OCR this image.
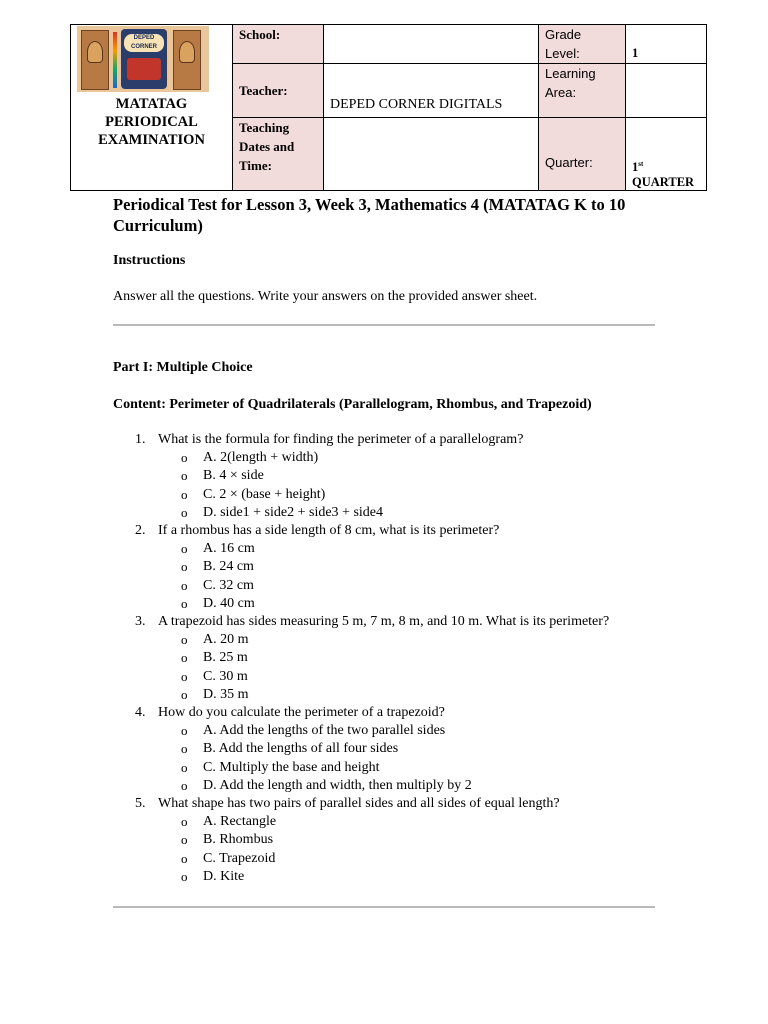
DEPED CORNER
MATATAG
PERIODICAL
EXAMINATION	School:		Grade Level:	1
	Teacher:	DEPED CORNER DIGITALS	Learning Area:	
	Teaching Dates and Time:		Quarter:	1st
QUARTER

Periodical Test for Lesson 3, Week 3, Mathematics 4 (MATATAG K to 10 Curriculum)

Instructions
Answer all the questions. Write your answers on the provided answer sheet.
Part I: Multiple Choice
Content: Perimeter of Quadrilaterals (Parallelogram, Rhombus, and Trapezoid)
1. What is the formula for finding the perimeter of a parallelogram?
o A. 2(length + width)
o B. 4 × side
o C. 2 × (base + height)
o D. side1 + side2 + side3 + side4
2. If a rhombus has a side length of 8 cm, what is its perimeter?
o A. 16 cm
o B. 24 cm
o C. 32 cm
o D. 40 cm
3. A trapezoid has sides measuring 5 m, 7 m, 8 m, and 10 m. What is its perimeter?
o A. 20 m
o B. 25 m
o C. 30 m
o D. 35 m
4. How do you calculate the perimeter of a trapezoid?
o A. Add the lengths of the two parallel sides
o B. Add the lengths of all four sides
o C. Multiply the base and height
o D. Add the length and width, then multiply by 2
5. What shape has two pairs of parallel sides and all sides of equal length?
o A. Rectangle
o B. Rhombus
o C. Trapezoid
o D. Kite
